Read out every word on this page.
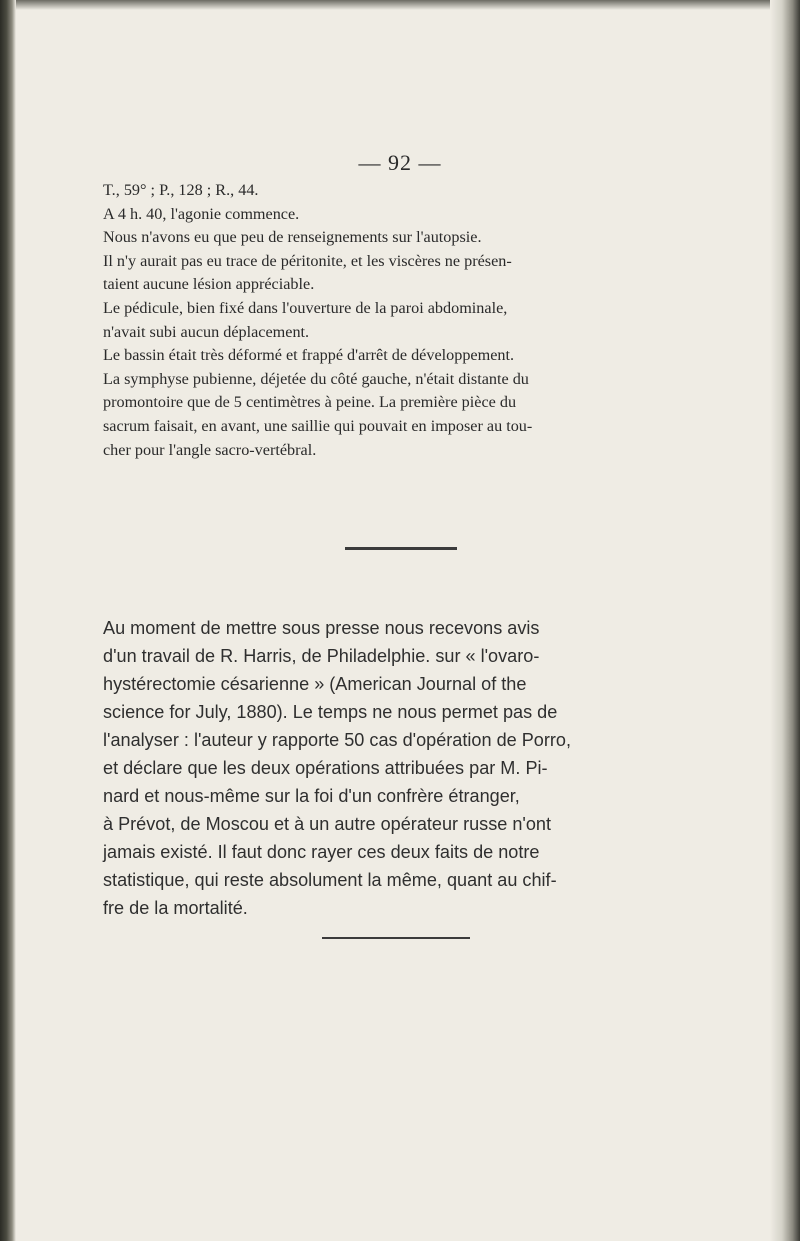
— 92 —

T., 59° ; P., 128 ; R., 44.

A 4 h. 40, l'agonie commence.

Nous n'avons eu que peu de renseignements sur l'autopsie.

Il n'y aurait pas eu trace de péritonite, et les viscères ne présen-

taient aucune lésion appréciable.

Le pédicule, bien fixé dans l'ouverture de la paroi abdominale,

n'avait subi aucun déplacement.

Le bassin était très déformé et frappé d'arrêt de développement.

La symphyse pubienne, déjetée du côté gauche, n'était distante du

promontoire que de 5 centimètres à peine. La première pièce du

sacrum faisait, en avant, une saillie qui pouvait en imposer au tou-

cher pour l'angle sacro-vertébral.

Au moment de mettre sous presse nous recevons avis

d'un travail de R. Harris, de Philadelphie. sur « l'ovaro-

hystérectomie césarienne » (American Journal of the

science for July, 1880). Le temps ne nous permet pas de

l'analyser : l'auteur y rapporte 50 cas d'opération de Porro,

et déclare que les deux opérations attribuées par M. Pi-

nard et nous-même sur la foi d'un confrère étranger,

à Prévot, de Moscou et à un autre opérateur russe n'ont

jamais existé. Il faut donc rayer ces deux faits de notre

statistique, qui reste absolument la même, quant au chif-

fre de la mortalité.
